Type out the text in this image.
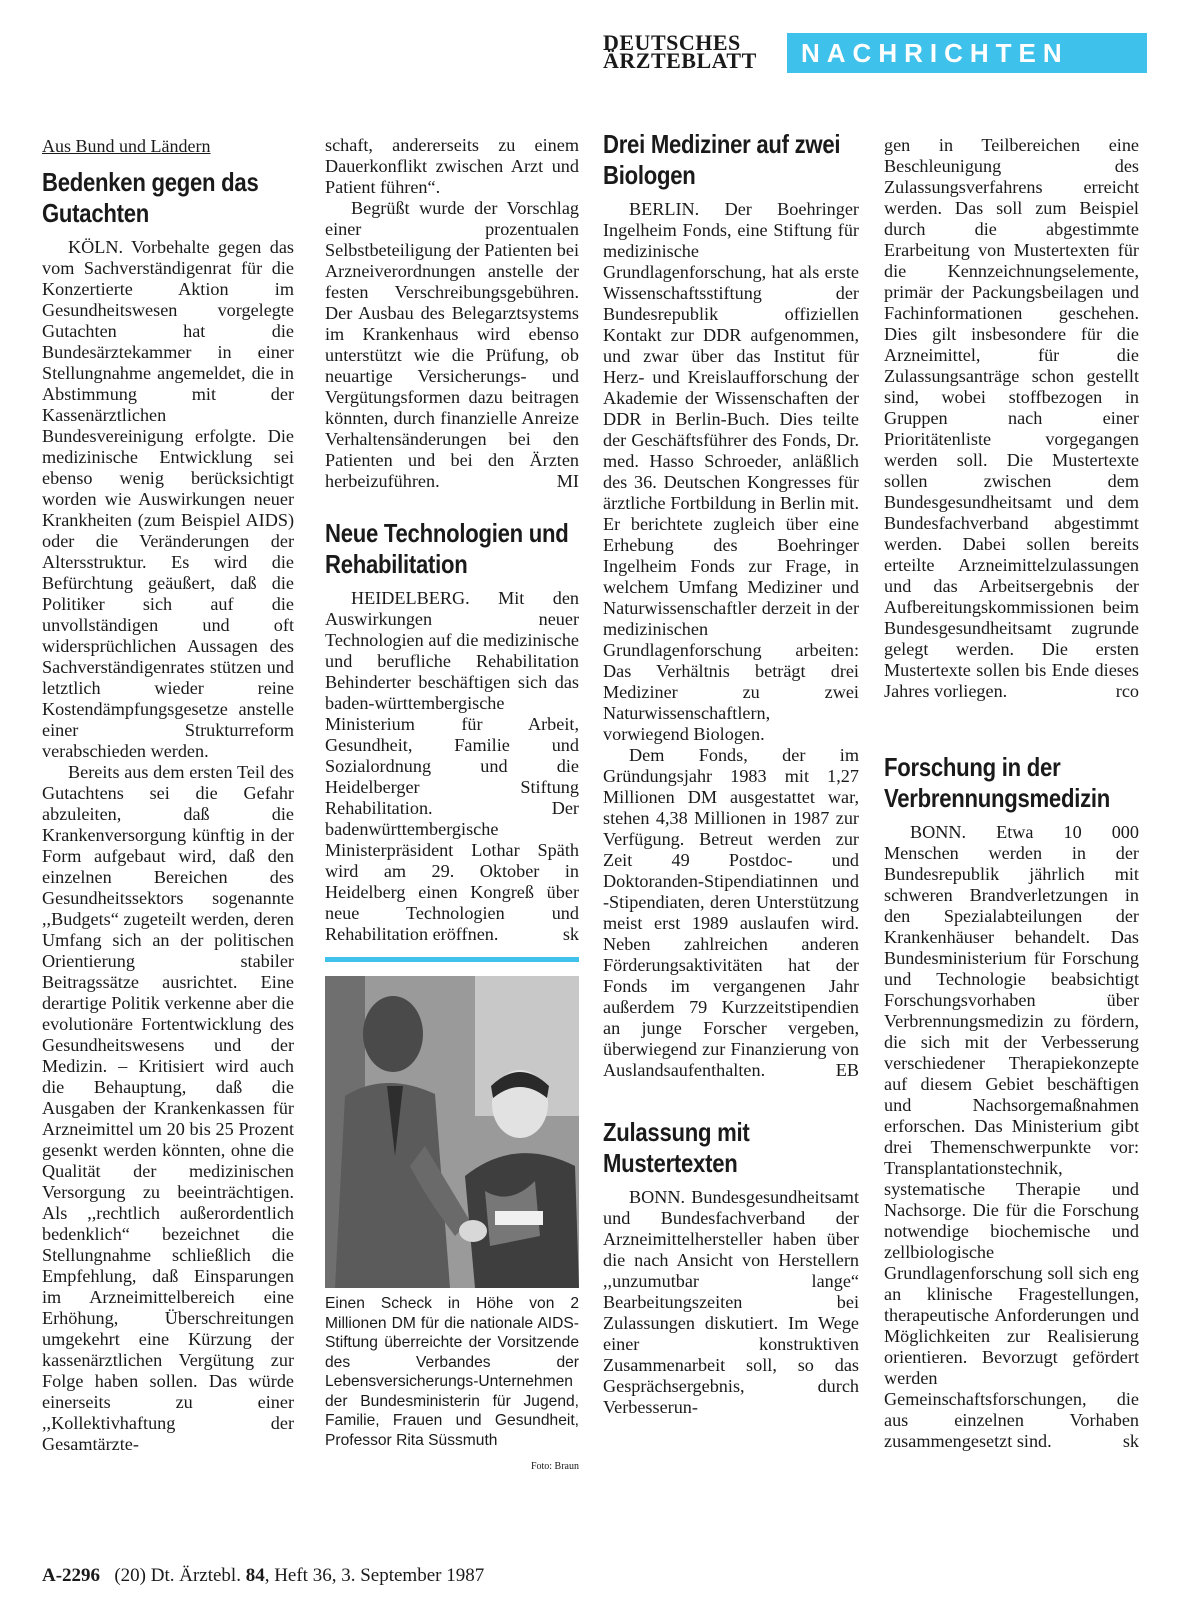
DEUTSCHES
ÄRZTEBLATT	NACHRICHTEN
Aus Bund und Ländern
Bedenken gegen das Gutachten

KÖLN. Vorbehalte gegen das vom Sachverständigenrat für die Konzertierte Aktion im Gesundheitswesen vorgelegte Gutachten hat die Bundesärztekammer in einer Stellungnahme angemeldet, die in Abstimmung mit der Kassenärztlichen Bundesvereinigung erfolgte. Die medizinische Entwicklung sei ebenso wenig berücksichtigt worden wie Auswirkungen neuer Krankheiten (zum Beispiel AIDS) oder die Veränderungen der Altersstruktur. Es wird die Befürchtung geäußert, daß die Politiker sich auf die unvollständigen und oft widersprüchlichen Aussagen des Sachverständigenrates stützen und letztlich wieder reine Kostendämpfungsgesetze anstelle einer Strukturreform verabschieden werden.

Bereits aus dem ersten Teil des Gutachtens sei die Gefahr abzuleiten, daß die Krankenversorgung künftig in der Form aufgebaut wird, daß den einzelnen Bereichen des Gesundheitssektors sogenannte ,,Budgets“ zugeteilt werden, deren Umfang sich an der politischen Orientierung stabiler Beitragssätze ausrichtet. Eine derartige Politik verkenne aber die evolutionäre Fortentwicklung des Gesundheitswesens und der Medizin. – Kritisiert wird auch die Behauptung, daß die Ausgaben der Krankenkassen für Arzneimittel um 20 bis 25 Prozent gesenkt werden könnten, ohne die Qualität der medizinischen Versorgung zu beeinträchtigen. Als ,,rechtlich außerordentlich bedenklich“ bezeichnet die Stellungnahme schließlich die Empfehlung, daß Einsparungen im Arzneimittelbereich eine Erhöhung, Überschreitungen umgekehrt eine Kürzung der kassenärztlichen Vergütung zur Folge haben sollen. Das würde einerseits zu einer ,,Kollektivhaftung der Gesamtärzte-

schaft, andererseits zu einem Dauerkonflikt zwischen Arzt und Patient führen“.

Begrüßt wurde der Vorschlag einer prozentualen Selbstbeteiligung der Patienten bei Arzneiverordnungen anstelle der festen Verschreibungsgebühren. Der Ausbau des Belegarztsystems im Krankenhaus wird ebenso unterstützt wie die Prüfung, ob neuartige Versicherungs- und Vergütungsformen dazu beitragen könnten, durch finanzielle Anreize Verhaltensänderungen bei den Patienten und bei den Ärzten herbeizuführen.	MI

Neue Technologien und Rehabilitation

HEIDELBERG. Mit den Auswirkungen neuer Technologien auf die medizinische und berufliche Rehabilitation Behinderter beschäftigen sich das baden-württembergische Ministerium für Arbeit, Gesundheit, Familie und Sozialordnung und die Heidelberger Stiftung Rehabilitation. Der badenwürttembergische Ministerpräsident Lothar Späth wird am 29. Oktober in Heidelberg einen Kongreß über neue Technologien und Rehabilitation eröffnen.	sk

Einen Scheck in Höhe von 2 Millionen DM für die nationale AIDS-Stiftung überreichte der Vorsitzende des Verbandes der Lebensversicherungs-Unternehmen der Bundesministerin für Jugend, Familie, Frauen und Gesundheit, Professor Rita Süssmuth
Foto: Braun
Drei Mediziner auf zwei Biologen

BERLIN. Der Boehringer Ingelheim Fonds, eine Stiftung für medizinische Grundlagenforschung, hat als erste Wissenschaftsstiftung der Bundesrepublik offiziellen Kontakt zur DDR aufgenommen, und zwar über das Institut für Herz- und Kreislaufforschung der Akademie der Wissenschaften der DDR in Berlin-Buch. Dies teilte der Geschäftsführer des Fonds, Dr. med. Hasso Schroeder, anläßlich des 36. Deutschen Kongresses für ärztliche Fortbildung in Berlin mit. Er berichtete zugleich über eine Erhebung des Boehringer Ingelheim Fonds zur Frage, in welchem Umfang Mediziner und Naturwissenschaftler derzeit in der medizinischen Grundlagenforschung arbeiten: Das Verhältnis beträgt drei Mediziner zu zwei Naturwissenschaftlern, vorwiegend Biologen.

Dem Fonds, der im Gründungsjahr 1983 mit 1,27 Millionen DM ausgestattet war, stehen 4,38 Millionen in 1987 zur Verfügung. Betreut werden zur Zeit 49 Postdoc- und Doktoranden-Stipendiatinnen und -Stipendiaten, deren Unterstützung meist erst 1989 auslaufen wird. Neben zahlreichen anderen Förderungsaktivitäten hat der Fonds im vergangenen Jahr außerdem 79 Kurzzeitstipendien an junge Forscher vergeben, überwiegend zur Finanzierung von Auslandsaufenthalten.	EB

Zulassung mit Mustertexten

BONN. Bundesgesundheitsamt und Bundesfachverband der Arzneimittelhersteller haben über die nach Ansicht von Herstellern ,,unzumutbar lange“ Bearbeitungszeiten bei Zulassungen diskutiert. Im Wege einer konstruktiven Zusammenarbeit soll, so das Gesprächsergebnis, durch Verbesserun-

gen in Teilbereichen eine Beschleunigung des Zulassungsverfahrens erreicht werden. Das soll zum Beispiel durch die abgestimmte Erarbeitung von Mustertexten für die Kennzeichnungselemente, primär der Packungsbeilagen und Fachinformationen geschehen. Dies gilt insbesondere für die Arzneimittel, für die Zulassungsanträge schon gestellt sind, wobei stoffbezogen in Gruppen nach einer Prioritätenliste vorgegangen werden soll. Die Mustertexte sollen zwischen dem Bundesgesundheitsamt und dem Bundesfachverband abgestimmt werden. Dabei sollen bereits erteilte Arzneimittelzulassungen und das Arbeitsergebnis der Aufbereitungskommissionen beim Bundesgesundheitsamt zugrunde gelegt werden. Die ersten Mustertexte sollen bis Ende dieses Jahres vorliegen.	rco

Forschung in der Verbrennungsmedizin

BONN. Etwa 10 000 Menschen werden in der Bundesrepublik jährlich mit schweren Brandverletzungen in den Spezialabteilungen der Krankenhäuser behandelt. Das Bundesministerium für Forschung und Technologie beabsichtigt Forschungsvorhaben über Verbrennungsmedizin zu fördern, die sich mit der Verbesserung verschiedener Therapiekonzepte auf diesem Gebiet beschäftigen und Nachsorgemaßnahmen erforschen. Das Ministerium gibt drei Themenschwerpunkte vor: Transplantationstechnik, systematische Therapie und Nachsorge. Die für die Forschung notwendige biochemische und zellbiologische Grundlagenforschung soll sich eng an klinische Fragestellungen, therapeutische Anforderungen und Möglichkeiten zur Realisierung orientieren. Bevorzugt gefördert werden Gemeinschaftsforschungen, die aus einzelnen Vorhaben zusammengesetzt sind.	sk

A-2296 (20) Dt. Ärztebl. 84, Heft 36, 3. September 1987
